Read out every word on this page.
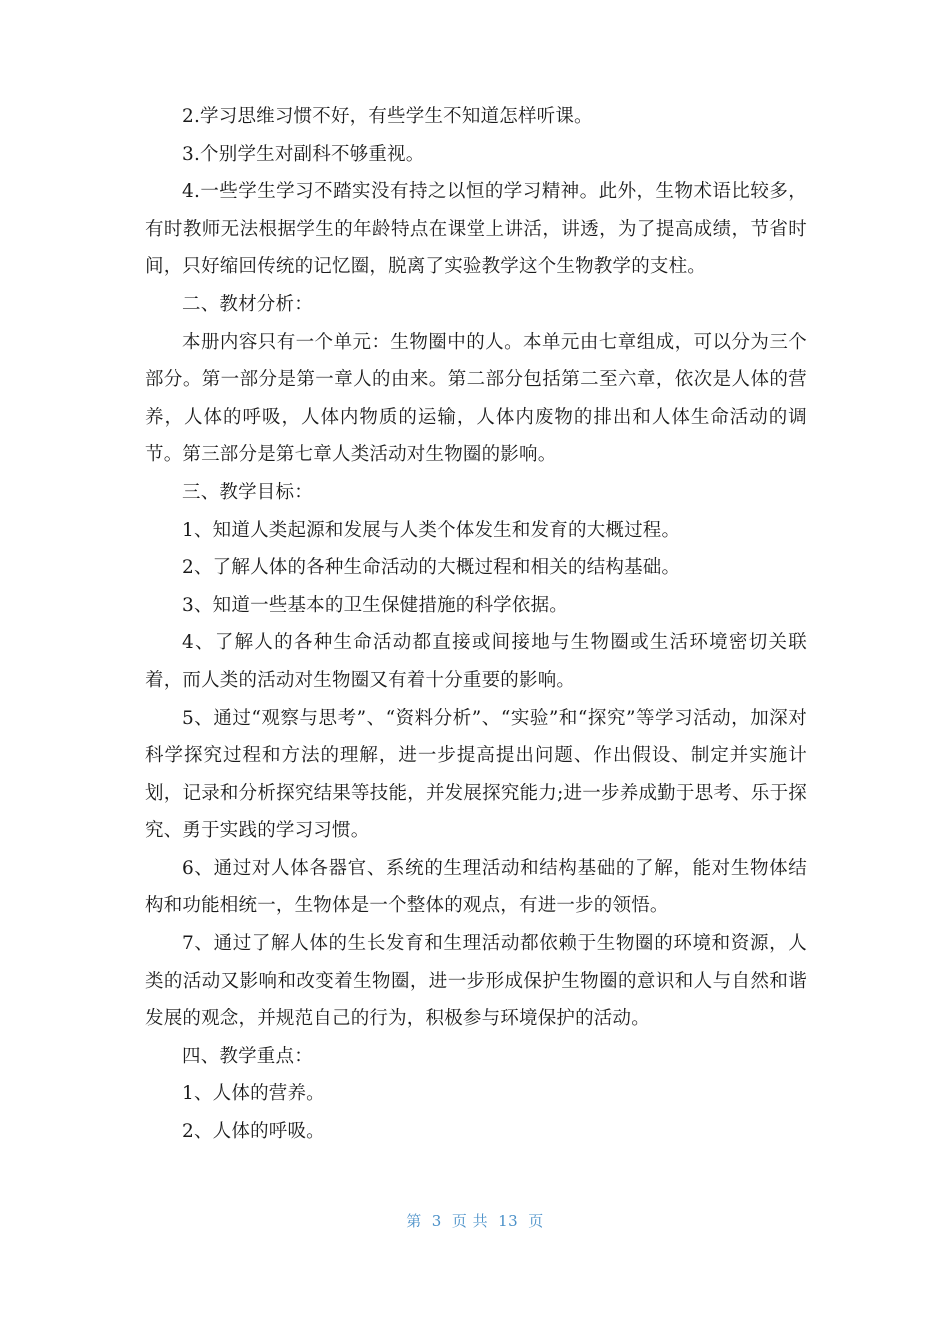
2.学习思维习惯不好，有些学生不知道怎样听课。

3.个别学生对副科不够重视。

4.一些学生学习不踏实没有持之以恒的学习精神。此外，生物术语比较多，有时教师无法根据学生的年龄特点在课堂上讲活，讲透，为了提高成绩，节省时间，只好缩回传统的记忆圈，脱离了实验教学这个生物教学的支柱。

二、教材分析：

本册内容只有一个单元：生物圈中的人。本单元由七章组成，可以分为三个部分。第一部分是第一章人的由来。第二部分包括第二至六章，依次是人体的营养，人体的呼吸，人体内物质的运输，人体内废物的排出和人体生命活动的调节。第三部分是第七章人类活动对生物圈的影响。

三、教学目标：

1、知道人类起源和发展与人类个体发生和发育的大概过程。

2、了解人体的各种生命活动的大概过程和相关的结构基础。

3、知道一些基本的卫生保健措施的科学依据。

4、了解人的各种生命活动都直接或间接地与生物圈或生活环境密切关联着，而人类的活动对生物圈又有着十分重要的影响。

5、通过“观察与思考”、“资料分析”、“实验”和“探究”等学习活动，加深对科学探究过程和方法的理解，进一步提高提出问题、作出假设、制定并实施计划，记录和分析探究结果等技能，并发展探究能力;进一步养成勤于思考、乐于探究、勇于实践的学习习惯。

6、通过对人体各器官、系统的生理活动和结构基础的了解，能对生物体结构和功能相统一，生物体是一个整体的观点，有进一步的领悟。

7、通过了解人体的生长发育和生理活动都依赖于生物圈的环境和资源，人类的活动又影响和改变着生物圈，进一步形成保护生物圈的意识和人与自然和谐发展的观念，并规范自己的行为，积极参与环境保护的活动。

四、教学重点：

1、人体的营养。

2、人体的呼吸。

第 3 页 共 13 页
